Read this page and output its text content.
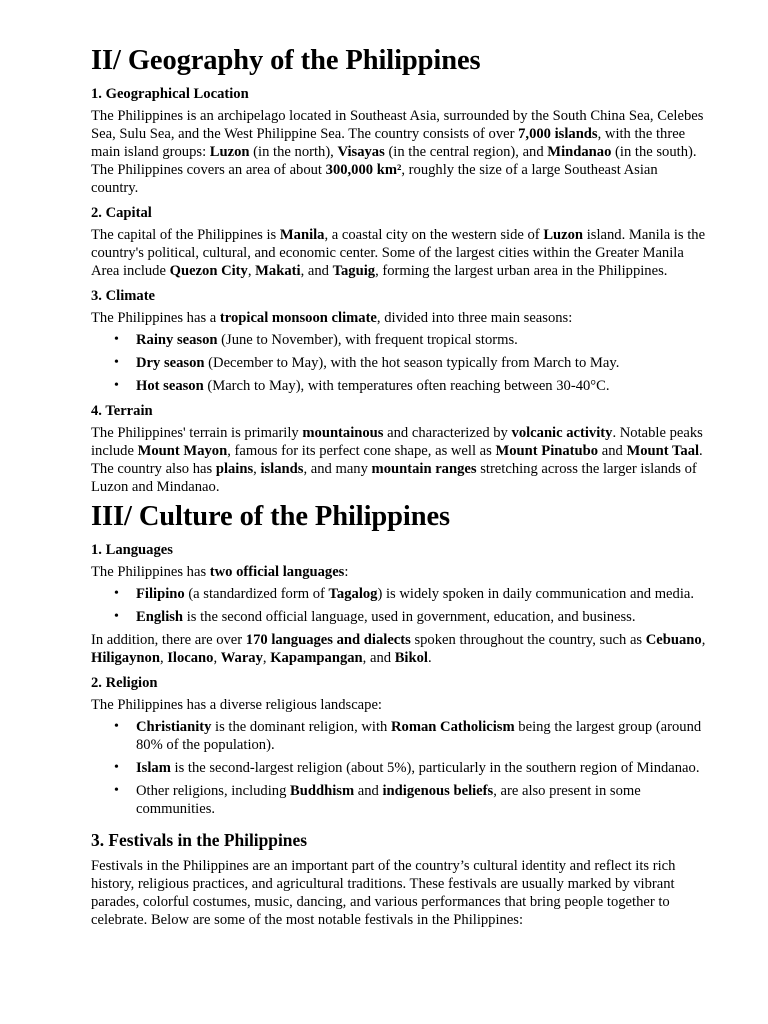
II/ Geography of the Philippines
1. Geographical Location

The Philippines is an archipelago located in Southeast Asia, surrounded by the South China Sea, Celebes Sea, Sulu Sea, and the West Philippine Sea. The country consists of over 7,000 islands, with the three main island groups: Luzon (in the north), Visayas (in the central region), and Mindanao (in the south). The Philippines covers an area of about 300,000 km², roughly the size of a large Southeast Asian country.

2. Capital

The capital of the Philippines is Manila, a coastal city on the western side of Luzon island. Manila is the country's political, cultural, and economic center. Some of the largest cities within the Greater Manila Area include Quezon City, Makati, and Taguig, forming the largest urban area in the Philippines.

3. Climate

The Philippines has a tropical monsoon climate, divided into three main seasons:

• Rainy season (June to November), with frequent tropical storms.
• Dry season (December to May), with the hot season typically from March to May.
• Hot season (March to May), with temperatures often reaching between 30-40°C.
4. Terrain

The Philippines' terrain is primarily mountainous and characterized by volcanic activity. Notable peaks include Mount Mayon, famous for its perfect cone shape, as well as Mount Pinatubo and Mount Taal. The country also has plains, islands, and many mountain ranges stretching across the larger islands of Luzon and Mindanao.

III/ Culture of the Philippines
1. Languages

The Philippines has two official languages:

• Filipino (a standardized form of Tagalog) is widely spoken in daily communication and media.
• English is the second official language, used in government, education, and business.

In addition, there are over 170 languages and dialects spoken throughout the country, such as Cebuano, Hiligaynon, Ilocano, Waray, Kapampangan, and Bikol.

2. Religion

The Philippines has a diverse religious landscape:

• Christianity is the dominant religion, with Roman Catholicism being the largest group (around 80% of the population).
• Islam is the second-largest religion (about 5%), particularly in the southern region of Mindanao.
• Other religions, including Buddhism and indigenous beliefs, are also present in some communities.
3. Festivals in the Philippines

Festivals in the Philippines are an important part of the country’s cultural identity and reflect its rich history, religious practices, and agricultural traditions. These festivals are usually marked by vibrant parades, colorful costumes, music, dancing, and various performances that bring people together to celebrate. Below are some of the most notable festivals in the Philippines:
